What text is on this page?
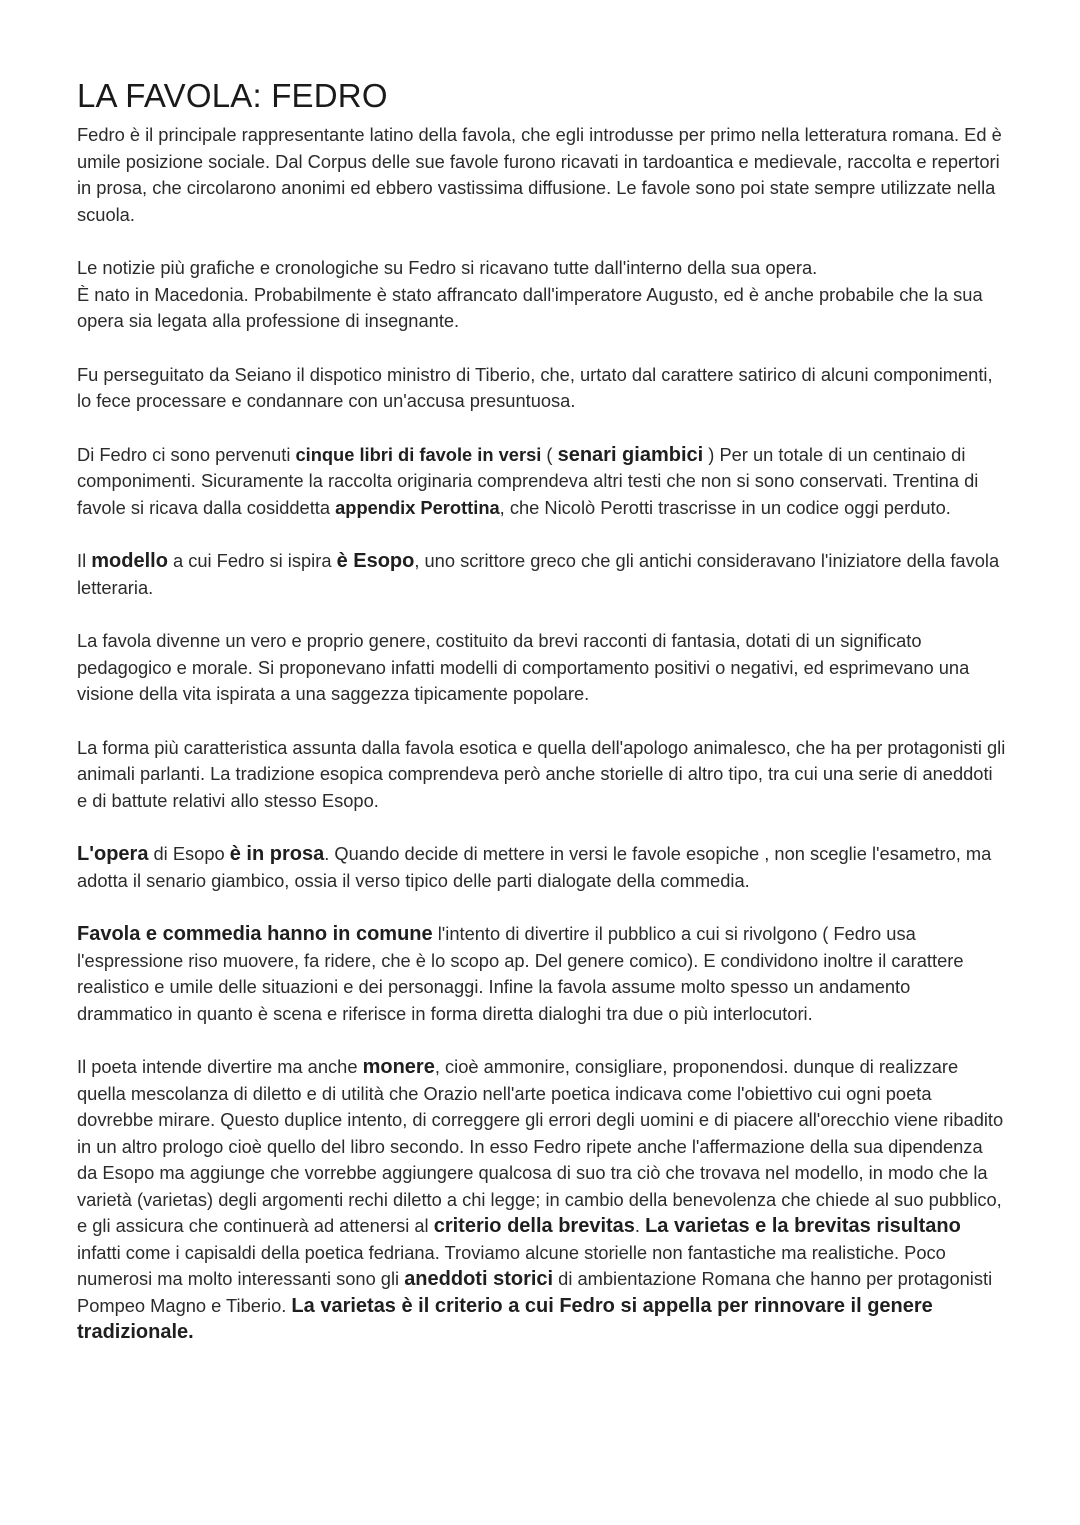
LA FAVOLA: FEDRO

Fedro è il principale rappresentante latino della favola, che egli introdusse per primo nella letteratura romana. Ed è umile posizione sociale. Dal Corpus delle sue favole furono ricavati in tardoantica e medievale, raccolta e repertori in prosa, che circolarono anonimi ed ebbero vastissima diffusione. Le favole sono poi state sempre utilizzate nella scuola.

Le notizie più grafiche e cronologiche su Fedro si ricavano tutte dall'interno della sua opera.
È nato in Macedonia. Probabilmente è stato affrancato dall'imperatore Augusto, ed è anche probabile che la sua opera sia legata alla professione di insegnante.

Fu perseguitato da Seiano il dispotico ministro di Tiberio, che, urtato dal carattere satirico di alcuni componimenti, lo fece processare e condannare con un'accusa presuntuosa.

Di Fedro ci sono pervenuti cinque libri di favole in versi ( senari giambici ) Per un totale di un centinaio di componimenti. Sicuramente la raccolta originaria comprendeva altri testi che non si sono conservati. Trentina di favole si ricava dalla cosiddetta appendix Perottina, che Nicolò Perotti trascrisse in un codice oggi perduto.

Il modello a cui Fedro si ispira è Esopo, uno scrittore greco che gli antichi consideravano l'iniziatore della favola letteraria.

La favola divenne un vero e proprio genere, costituito da brevi racconti di fantasia, dotati di un significato pedagogico e morale. Si proponevano infatti modelli di comportamento positivi o negativi, ed esprimevano una visione della vita ispirata a una saggezza tipicamente popolare.

La forma più caratteristica assunta dalla favola esotica e quella dell'apologo animalesco, che ha per protagonisti gli animali parlanti. La tradizione esopica comprendeva però anche storielle di altro tipo, tra cui una serie di aneddoti e di battute relativi allo stesso Esopo.

L'opera di Esopo è in prosa. Quando decide di mettere in versi le favole esopiche , non sceglie l'esametro, ma adotta il senario giambico, ossia il verso tipico delle parti dialogate della commedia.

Favola e commedia hanno in comune l'intento di divertire il pubblico a cui si rivolgono ( Fedro usa l'espressione riso muovere, fa ridere, che è lo scopo ap. Del genere comico). E condividono inoltre il carattere realistico e umile delle situazioni e dei personaggi. Infine la favola assume molto spesso un andamento drammatico in quanto è scena e riferisce in forma diretta dialoghi tra due o più interlocutori.

Il poeta intende divertire ma anche monere, cioè ammonire, consigliare, proponendosi. dunque di realizzare quella mescolanza di diletto e di utilità che Orazio nell'arte poetica indicava come l'obiettivo cui ogni poeta dovrebbe mirare. Questo duplice intento, di correggere gli errori degli uomini e di piacere all'orecchio viene ribadito in un altro prologo cioè quello del libro secondo. In esso Fedro ripete anche l'affermazione della sua dipendenza da Esopo ma aggiunge che vorrebbe aggiungere qualcosa di suo tra ciò che trovava nel modello, in modo che la varietà (varietas) degli argomenti rechi diletto a chi legge; in cambio della benevolenza che chiede al suo pubblico, e gli assicura che continuerà ad attenersi al criterio della brevitas. La varietas e la brevitas risultano infatti come i capisaldi della poetica fedriana. Troviamo alcune storielle non fantastiche ma realistiche. Poco numerosi ma molto interessanti sono gli aneddoti storici di ambientazione Romana che hanno per protagonisti Pompeo Magno e Tiberio. La varietas è il criterio a cui Fedro si appella per rinnovare il genere tradizionale.
